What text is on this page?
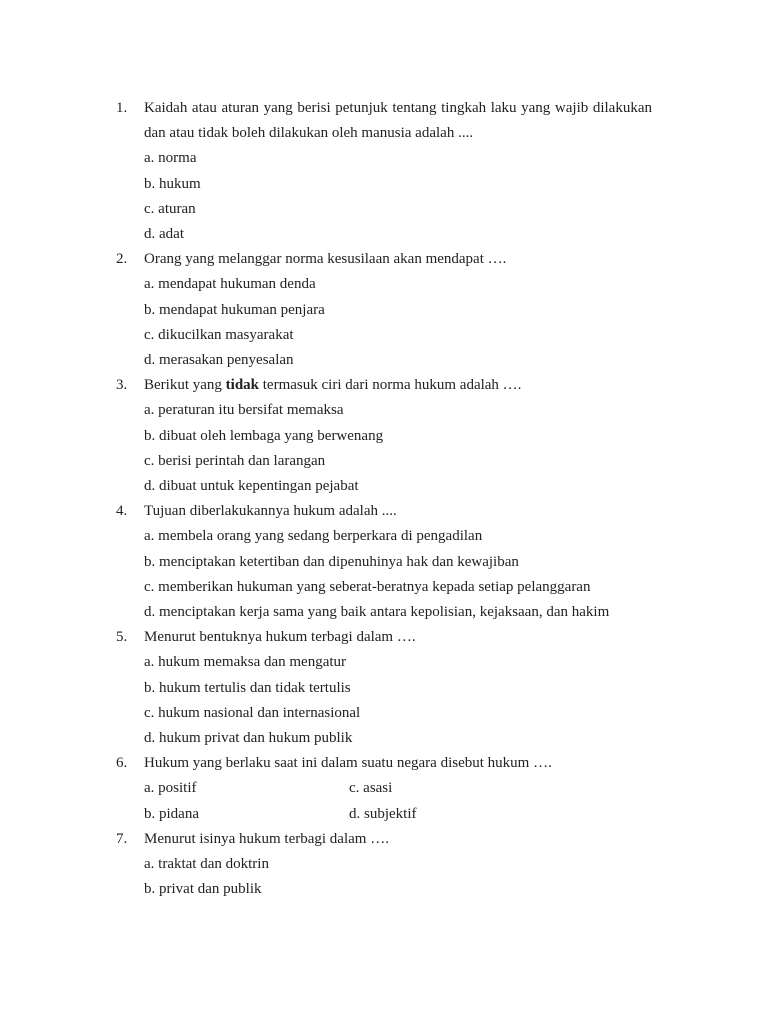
1.	Kaidah atau aturan yang berisi petunjuk tentang tingkah laku yang wajib dilakukan dan atau tidak boleh dilakukan oleh manusia adalah ....

a. norma
b. hukum
c. aturan
d. adat
2.	Orang yang melanggar norma kesusilaan akan mendapat ….

a. mendapat hukuman denda
b. mendapat hukuman penjara
c. dikucilkan masyarakat
d. merasakan penyesalan
3.	Berikut yang tidak termasuk ciri dari norma hukum adalah ….

a. peraturan itu bersifat memaksa
b. dibuat oleh lembaga yang berwenang
c. berisi perintah dan larangan
d. dibuat untuk kepentingan pejabat
4.	Tujuan diberlakukannya hukum adalah ....

a. membela orang yang sedang berperkara di pengadilan
b. menciptakan ketertiban dan dipenuhinya hak dan kewajiban
c. memberikan hukuman yang seberat-beratnya kepada setiap pelanggaran
d. menciptakan kerja sama yang baik antara kepolisian, kejaksaan, dan hakim
5.	Menurut bentuknya hukum terbagi dalam ….

a. hukum memaksa dan mengatur
b. hukum tertulis dan tidak tertulis
c. hukum nasional dan internasional
d. hukum privat dan hukum publik
6.	Hukum yang berlaku saat ini dalam suatu negara disebut hukum ….

a. positif	c. asasi
b. pidana	d. subjektif
7.	Menurut isinya hukum terbagi dalam ….

a. traktat dan doktrin
b. privat dan publik
